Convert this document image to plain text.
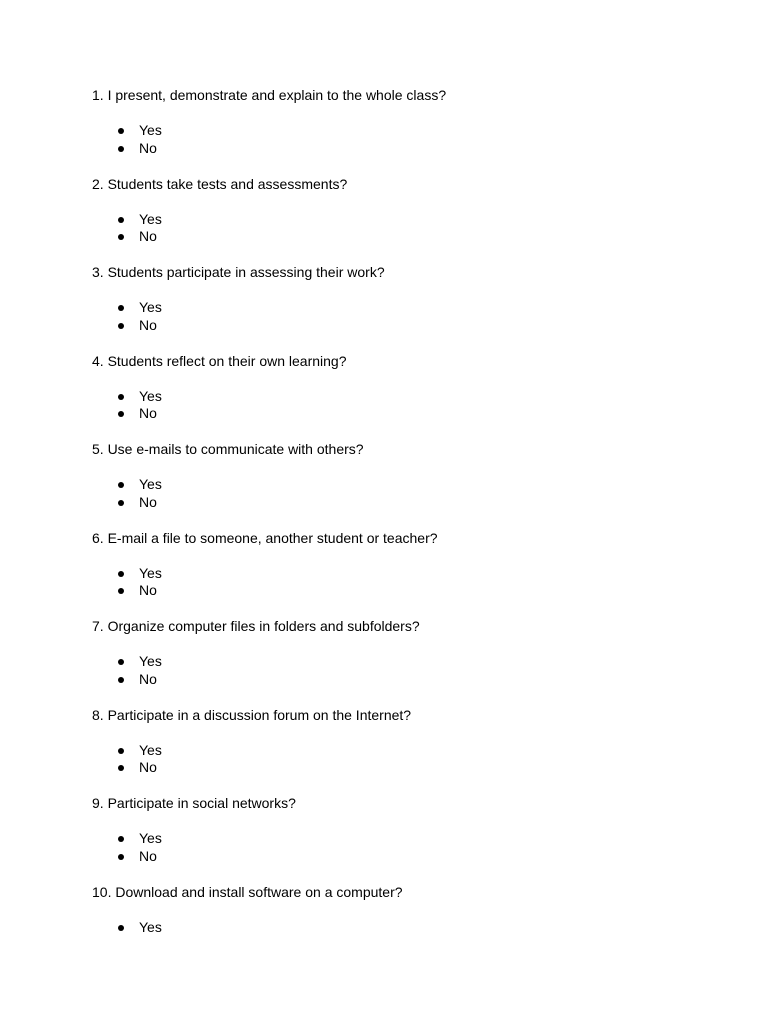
1. I present, demonstrate and explain to the whole class?

Yes
No

2. Students take tests and assessments?

Yes
No

3. Students participate in assessing their work?

Yes
No

4. Students reflect on their own learning?

Yes
No

5. Use e-mails to communicate with others?

Yes
No

6. E-mail a file to someone, another student or teacher?

Yes
No

7. Organize computer files in folders and subfolders?

Yes
No

8. Participate in a discussion forum on the Internet?

Yes
No

9. Participate in social networks?

Yes
No

10. Download and install software on a computer?

Yes
